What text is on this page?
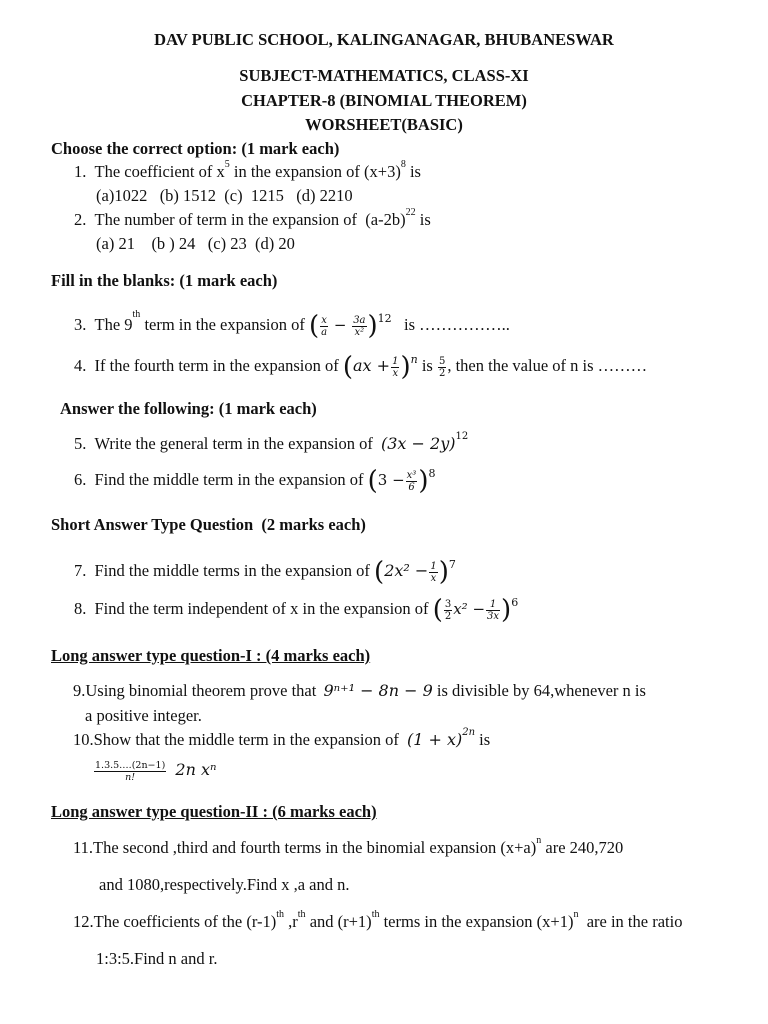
DAV PUBLIC SCHOOL, KALINGANAGAR, BHUBANESWAR
SUBJECT-MATHEMATICS, CLASS-XI
CHAPTER-8 (BINOMIAL THEOREM)
WORSHEET(BASIC)
Choose the correct option: (1 mark each)
1. The coefficient of $x^5$ in the expansion of $(x+3)^8$ is
(a)1022   (b) 1512  (c)  1215   (d) 2210
2. The number of term in the expansion of  $(a-2b)^{22}$ is
(a) 21    (b ) 24   (c) 23  (d) 20
Fill in the blanks: (1 mark each)
3. The 9th term in the expansion of ( $\frac{x}{a} - \frac{3a}{\text{x²}} )^{12}$   is ……………..
4. If the fourth term in the expansion of $(ax + \frac{1}{x} )^n$ is $\frac{5}{2}$ , then the value of n is ………
Answer the following: (1 mark each)
5. Write the general term in the expansion of $(3x - 2y)^{12}$
6. Find the middle term in the expansion of $(3 - \frac{\text{x³}}{6} )^8$
Short Answer Type Question  (2 marks each)
7. Find the middle terms in the expansion of $(2x^2 - \frac{1}{x} )^7$
8. Find the term independent of x in the expansion of ( $\frac{3}{2} x^2 - \frac{1}{3x} )^6$
Long answer type question-I : (4 marks each)
9.Using binomial theorem prove that 9ⁿ⁺¹ − 8n − 9 is divisible by 64,whenever n is
a positive integer.
10.Show that the middle term in the expansion of $(1 + x)^{2n}$ is
$\frac{1.3.5\dots.(2n-1)}{n!} 2n$ xⁿ
Long answer type question-II : (6 marks each)
11.The second ,third and fourth terms in the binomial expansion $(x+a)^n$ are 240,720
and 1080,respectively.Find x ,a and n.
12.The coefficients of the $(r-1)^{th}$ $,r^{th}$ and $(r+1)^{th}$ terms in the expansion $(x+1)^n$  are in the ratio
1:3:5.Find n and r.
